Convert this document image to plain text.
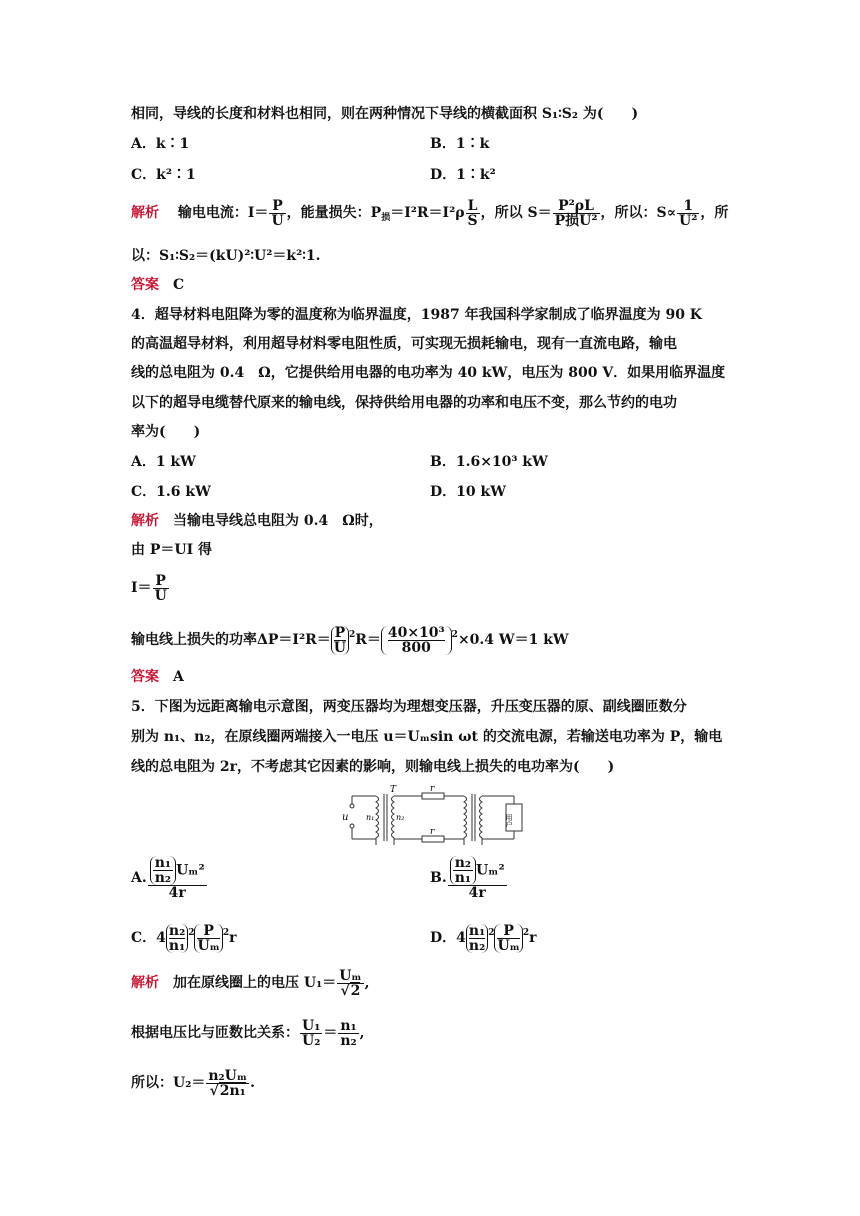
相同，导线的长度和材料也相同，则在两种情况下导线的横截面积 S₁∶S₂ 为(　　)
A．k∶1	B．1∶k
C．k²∶1	D．1∶k²
解析　 输电电流：$I= \frac{P}{U}$ ，能量损失：$P_损=I^2R=I^2\rho \frac{L}{S}$ ，所以 $S= \frac{\text{P²ρL}}{\text{P损U²}}$ ，所以：$S\propto \frac{1}{\text{U²}}$ ，所
以：S₁∶S₂＝(kU)²∶U²＝k²∶1.
答案　 C
4．超导材料电阻降为零的温度称为临界温度，1987 年我国科学家制成了临界温度为 90 K
的高温超导材料，利用超导材料零电阻性质，可实现无损耗输电，现有一直流电路，输电
线的总电阻为 0.4　Ω，它提供给用电器的电功率为 40 kW，电压为 800 V．如果用临界温度
以下的超导电缆替代原来的输电线，保持供给用电器的功率和电压不变，那么节约的电功
率为(　　)
A．1 kW	B．1.6×10³ kW
C．1.6 kW	D．10 kW
解析　 当输电导线总电阻为 0.4　Ω时，
由 P＝UI 得
$I= \frac{P}{U}$
输电线上损失的功率$\Delta P=I^2R= \frac{P}{U} ^2R= \frac{\text{40×10³}}{800} ^2\times 0.4$ W＝1 kW
答案　 A
5．下图为远距离输电示意图，两变压器均为理想变压器，升压变压器的原、副线圈匝数分
别为 n₁、n₂，在原线圈两端接入一电压 u＝Uₘsin ωt 的交流电源，若输送电功率为 P，输电
线的总电阻为 2r，不考虑其它因素的影响，则输电线上损失的电功率为(　　)
u
T
n₁	n₂
r
r
用户
A. $\frac{\frac{\text{n₁}}{\text{n₂}} U_m^2}{4r}$	B. $\frac{\frac{\text{n₂}}{\text{n₁}} U_m^2}{4r}$
C．$4 \frac{\text{n₂}}{\text{n₁}} ^2 \frac{P}{\text{Uₘ}} ^2r$	D．$4 \frac{\text{n₁}}{\text{n₂}} ^2 \frac{P}{\text{Uₘ}} ^2r$
解析　 加在原线圈上的电压 $U_1= \frac{\text{Uₘ}}{√2}$ ,
根据电压比与匝数比关系： $\frac{\text{U₁}}{\text{U₂}} = \frac{\text{n₁}}{\text{n₂}}$ ,
所以：$U_2= \frac{\text{n₂Uₘ}}{\text{√2n₁}}$ .
